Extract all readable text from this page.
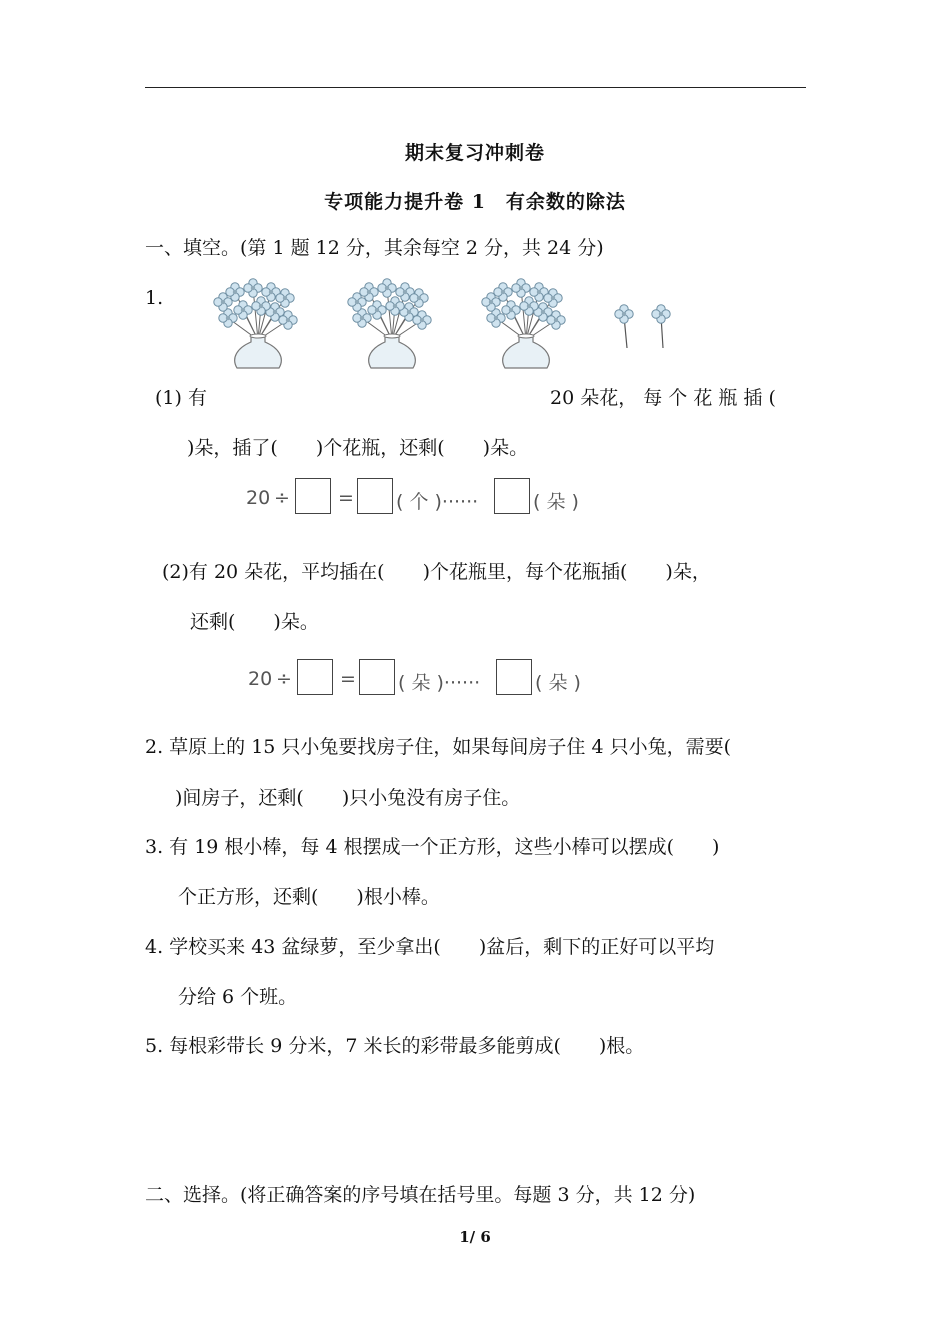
期末复习冲刺卷
专项能力提升卷 1　有余数的除法
一、填空。(第 1 题 12 分，其余每空 2 分，共 24 分)
1.
(1) 有	20 朵花， 每 个 花 瓶 插 (
)朵，插了(　　)个花瓶，还剩(　　)朵。
20 ÷	= ( 个 )······	( 朵 )
(2)有 20 朵花，平均插在(　　)个花瓶里，每个花瓶插(　　)朵，
还剩(　　)朵。
20 ÷	= ( 朵 )······	( 朵 )
2. 草原上的 15 只小兔要找房子住，如果每间房子住 4 只小兔，需要(
)间房子，还剩(　　)只小兔没有房子住。
3. 有 19 根小棒，每 4 根摆成一个正方形，这些小棒可以摆成(　　)
个正方形，还剩(　　)根小棒。
4. 学校买来 43 盆绿萝，至少拿出(　　)盆后，剩下的正好可以平均
分给 6 个班。
5. 每根彩带长 9 分米，7 米长的彩带最多能剪成(　　)根。
二、选择。(将正确答案的序号填在括号里。每题 3 分，共 12 分)
1/ 6
